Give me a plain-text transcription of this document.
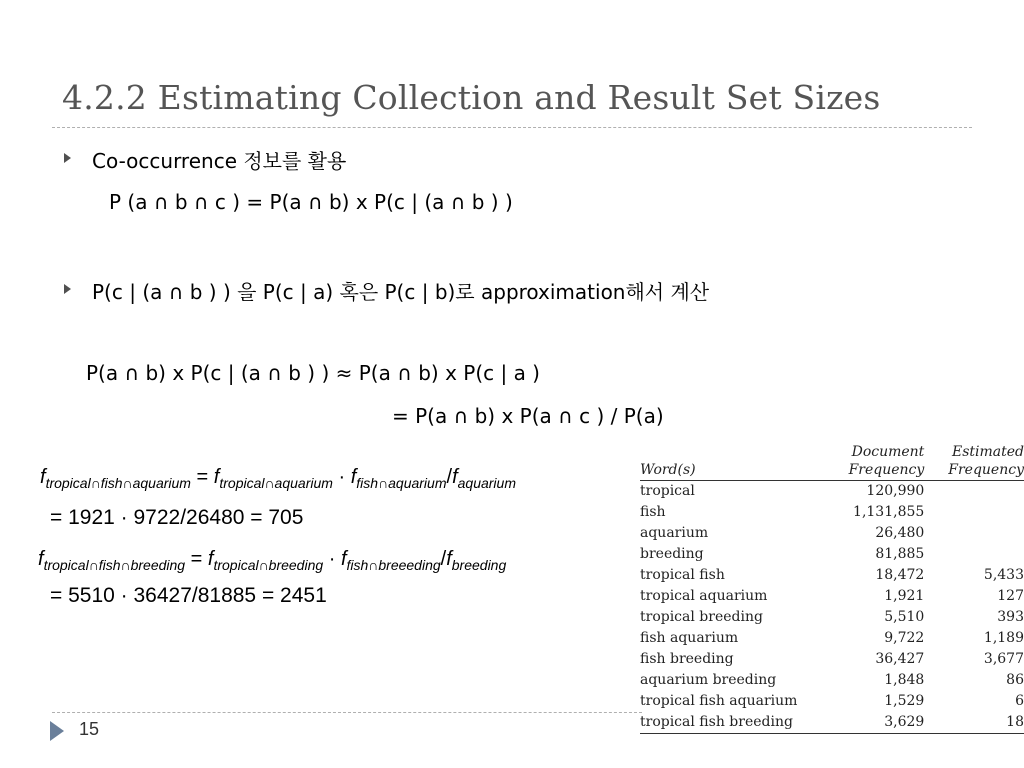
4.2.2 Estimating Collection and Result Set Sizes
Co-occurrence 정보를 활용
P (a ∩ b ∩ c ) = P(a ∩ b) x P(c | (a ∩ b ) )
P(c | (a ∩ b ) ) 을 P(c | a) 혹은 P(c | b)로 approximation해서 계산
P(a ∩ b) x P(c | (a ∩ b ) ) ≈ P(a ∩ b) x P(c | a )
= P(a ∩ b) x P(a ∩ c ) / P(a)
$f_{tropical\cap fish\cap aquarium} = f_{tropical\cap aquarium} \cdot f_{fish\cap aquarium}/f_{aquarium}$
= 1921 · 9722/26480 = 705
$f_{tropical\cap fish\cap breeding} = f_{tropical\cap breeding} \cdot f_{fish\cap breeeding}/f_{breeding}$
= 5510 · 36427/81885 = 2451
	Document	Estimated
Word(s)	Frequency	Frequency
tropical	120,990	
fish	1,131,855	
aquarium	26,480	
breeding	81,885	
tropical fish	18,472	5,433
tropical aquarium	1,921	127
tropical breeding	5,510	393
fish aquarium	9,722	1,189
fish breeding	36,427	3,677
aquarium breeding	1,848	86
tropical fish aquarium	1,529	6
tropical fish breeding	3,629	18
15
